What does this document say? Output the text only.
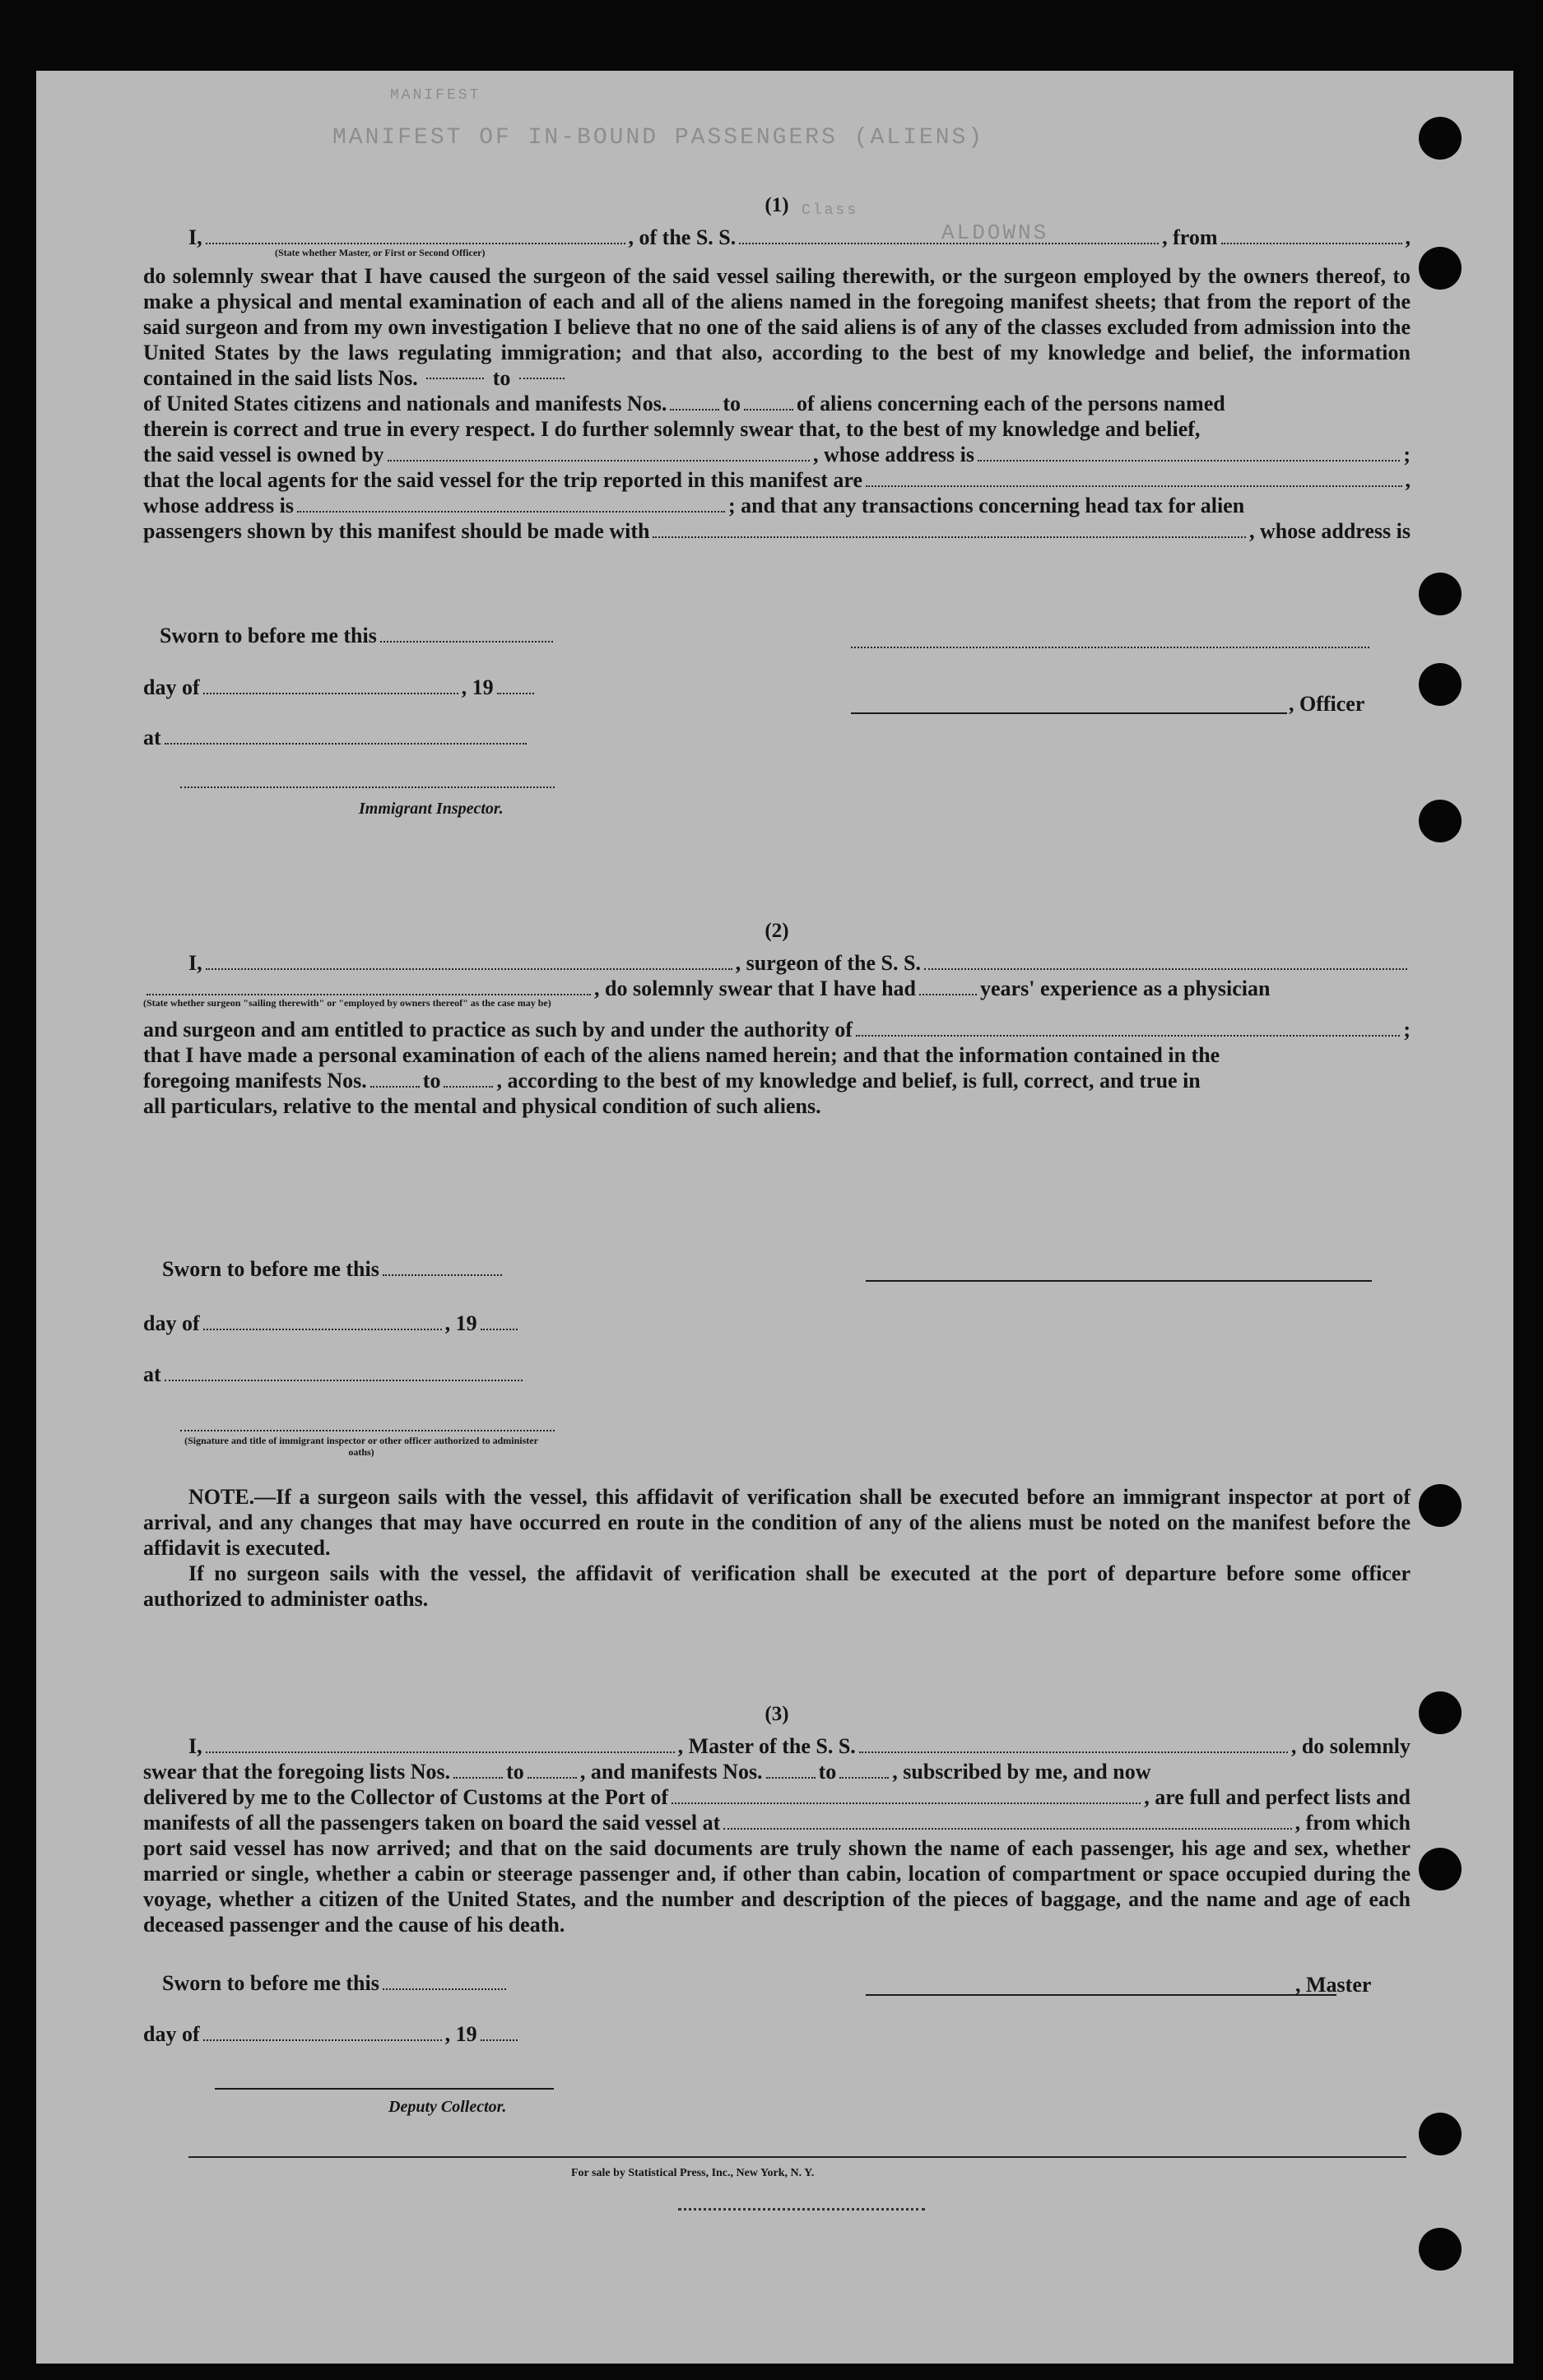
MANIFEST OF IN-BOUND PASSENGERS (ALIENS)
MANIFEST
Class
ALDOWNS
(1)
I,	, of the S. S.	, from	,
(State whether Master, or First or Second Officer)
do solemnly swear that I have caused the surgeon of the said vessel sailing therewith, or the surgeon employed by the owners thereof, to make a physical and mental examination of each and all of the aliens named in the foregoing manifest sheets; that from the report of the said surgeon and from my own investigation I believe that no one of the said aliens is of any of the classes excluded from admission into the United States by the laws regulating immigration; and that also, according to the best of my knowledge and belief, the information contained in the said lists Nos.	to
of United States citizens and nationals and manifests Nos.	to	of aliens concerning each of the persons named
therein is correct and true in every respect. I do further solemnly swear that, to the best of my knowledge and belief,
the said vessel is owned by	, whose address is	;
that the local agents for the said vessel for the trip reported in this manifest are	,
whose address is	; and that any transactions concerning head tax for alien
passengers shown by this manifest should be made with	, whose address is
Sworn to before me this
day of	, 19
, Officer
at
Immigrant Inspector.
(2)
I,	, surgeon of the S. S.
, do solemnly swear that I have had	years' experience as a physician
(State whether surgeon "sailing therewith" or "employed by owners thereof" as the case may be)
and surgeon and am entitled to practice as such by and under the authority of	;
that I have made a personal examination of each of the aliens named herein; and that the information contained in the
foregoing manifests Nos.	to	, according to the best of my knowledge and belief, is full, correct, and true in
all particulars, relative to the mental and physical condition of such aliens.
Sworn to before me this
day of	, 19
at
(Signature and title of immigrant inspector or other officer authorized to administer oaths)
NOTE.—If a surgeon sails with the vessel, this affidavit of verification shall be executed before an immigrant inspector at port of arrival, and any changes that may have occurred en route in the condition of any of the aliens must be noted on the manifest before the affidavit is executed.
If no surgeon sails with the vessel, the affidavit of verification shall be executed at the port of departure before some officer authorized to administer oaths.
(3)
I,	, Master of the S. S.	, do solemnly
swear that the foregoing lists Nos.	to	, and manifests Nos.	to	, subscribed by me, and now
delivered by me to the Collector of Customs at the Port of	, are full and perfect lists and
manifests of all the passengers taken on board the said vessel at	, from which
port said vessel has now arrived; and that on the said documents are truly shown the name of each passenger, his age and sex, whether married or single, whether a cabin or steerage passenger and, if other than cabin, location of compartment or space occupied during the voyage, whether a citizen of the United States, and the number and description of the pieces of baggage, and the name and age of each deceased passenger and the cause of his death.
Sworn to before me this	, Master
day of	, 19
Deputy Collector.
For sale by Statistical Press, Inc., New York, N. Y.
